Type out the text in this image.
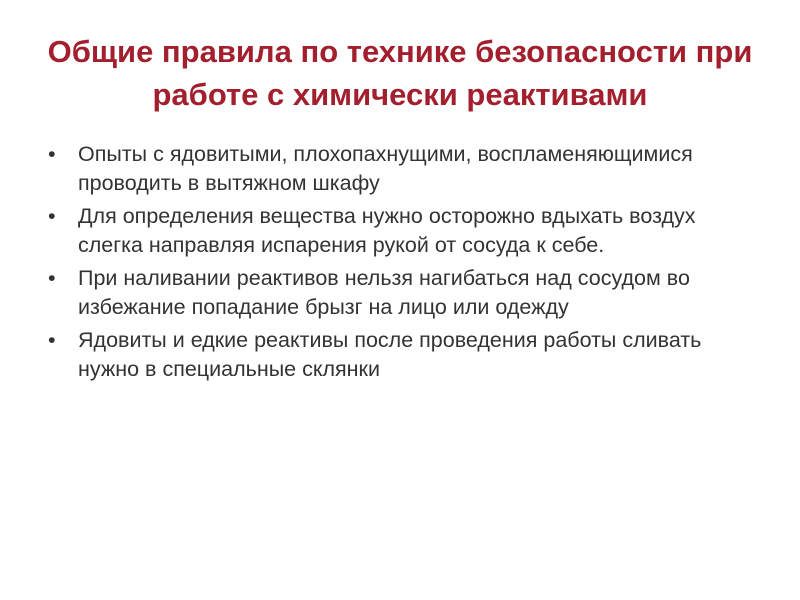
Общие правила по технике безопасности при работе с химически реактивами
•	Опыты с ядовитыми, плохопахнущими, воспламеняющимися проводить в вытяжном шкафу
•	Для определения вещества нужно осторожно вдыхать воздух слегка направляя испарения рукой от сосуда к себе.
•	При наливании реактивов нельзя нагибаться над сосудом во избежание попадание брызг на лицо или одежду
•	Ядовиты и едкие реактивы после проведения работы сливать нужно в специальные склянки
